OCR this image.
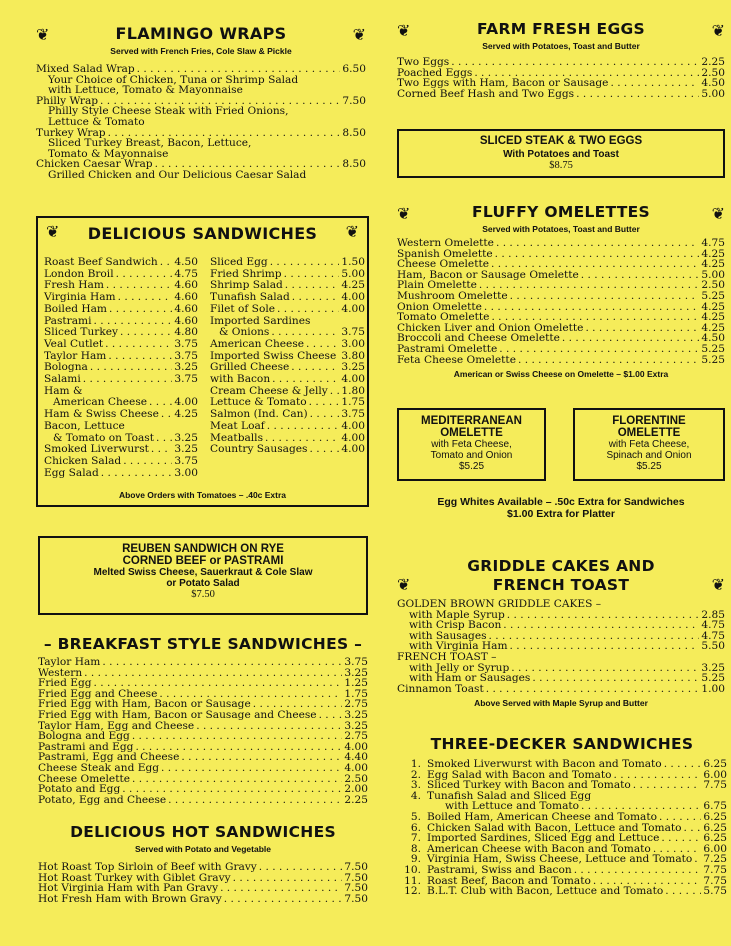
❦	❦
FLAMINGO WRAPS
Served with French Fries, Cole Slaw & Pickle
Mixed Salad Wrap . . .	6.50
Your Choice of Chicken, Tuna or Shrimp Salad
with Lettuce, Tomato & Mayonnaise
Philly Wrap . . .	7.50
Philly Style Cheese Steak with Fried Onions,
Lettuce & Tomato
Turkey Wrap . . .	8.50
Sliced Turkey Breast, Bacon, Lettuce,
Tomato & Mayonnaise
Chicken Caesar Wrap . . .	8.50
Grilled Chicken and Our Delicious Caesar Salad
❦	❦
DELICIOUS SANDWICHES
Roast Beef Sandwich . . . 4.50
London Broil . . .	4.75
Fresh Ham . . .	4.60
Virginia Ham . . .	4.60
Boiled Ham . . .	4.60
Pastrami . . .	4.60
Sliced Turkey . . .	4.80
Veal Cutlet . . .	3.75
Taylor Ham . . .	3.75
Bologna . . .	3.25
Salami . . .	3.75
Ham &
American Cheese . . .	4.00
Ham & Swiss Cheese . . . 4.25
Bacon, Lettuce
& Tomato on Toast . . . 3.25
Smoked Liverwurst . . . 3.25
Chicken Salad . . .	3.75
Egg Salad . . .	3.00
Sliced Egg . . .	1.50
Fried Shrimp . . .	5.00
Shrimp Salad . . .	4.25
Tunafish Salad . . .	4.00
Filet of Sole . . .	4.00
Imported Sardines
& Onions . . .	3.75
American Cheese . . .	3.00
Imported Swiss Cheese . . . 3.80
Grilled Cheese . . .	3.25
with Bacon . . .	4.00
Cream Cheese & Jelly . . . 1.80
Lettuce & Tomato . . .	1.75
Salmon (Ind. Can) . . .	3.75
Meat Loaf . . .	4.00
Meatballs . . .	4.00
Country Sausages . . .	4.00
Above Orders with Tomatoes – .40c Extra
REUBEN SANDWICH ON RYE
CORNED BEEF or PASTRAMI
Melted Swiss Cheese, Sauerkraut & Cole Slaw
or Potato Salad
$7.50
– BREAKFAST STYLE SANDWICHES –
Taylor Ham . . .	3.75
Western . . .	3.25
Fried Egg . . .	1.25
Fried Egg and Cheese . . .	1.75
Fried Egg with Ham, Bacon or Sausage . . .	2.75
Fried Egg with Ham, Bacon or Sausage and Cheese . . .	3.25
Taylor Ham, Egg and Cheese . . .	3.25
Bologna and Egg . . .	2.75
Pastrami and Egg . . .	4.00
Pastrami, Egg and Cheese . . .	4.40
Cheese Steak and Egg . . .	4.00
Cheese Omelette . . .	2.50
Potato and Egg . . .	2.00
Potato, Egg and Cheese . . .	2.25
DELICIOUS HOT SANDWICHES
Served with Potato and Vegetable
Hot Roast Top Sirloin of Beef with Gravy . . .	7.50
Hot Roast Turkey with Giblet Gravy . . .	7.50
Hot Virginia Ham with Pan Gravy . . .	7.50
Hot Fresh Ham with Brown Gravy . . .	7.50
❦	❦
FARM FRESH EGGS
Served with Potatoes, Toast and Butter
Two Eggs . . .	2.25
Poached Eggs . . .	2.50
Two Eggs with Ham, Bacon or Sausage . . .	4.50
Corned Beef Hash and Two Eggs . . .	5.00
SLICED STEAK & TWO EGGS
With Potatoes and Toast
$8.75
❦	❦
FLUFFY OMELETTES
Served with Potatoes, Toast and Butter
Western Omelette . . .	4.75
Spanish Omelette . . .	4.25
Cheese Omelette . . .	4.25
Ham, Bacon or Sausage Omelette . . .	5.00
Plain Omelette . . .	2.50
Mushroom Omelette . . .	5.25
Onion Omelette . . .	4.25
Tomato Omelette . . .	4.25
Chicken Liver and Onion Omelette . . .	4.25
Broccoli and Cheese Omelette . . .	4.50
Pastrami Omelette . . .	5.25
Feta Cheese Omelette . . .	5.25
American or Swiss Cheese on Omelette – $1.00 Extra
MEDITERRANEAN
OMELETTE
with Feta Cheese,
Tomato and Onion
$5.25
FLORENTINE
OMELETTE
with Feta Cheese,
Spinach and Onion
$5.25
Egg Whites Available – .50c Extra for Sandwiches
$1.00 Extra for Platter
❦	❦
GRIDDLE CAKES AND
FRENCH TOAST
GOLDEN BROWN GRIDDLE CAKES –
with Maple Syrup . . .	2.85
with Crisp Bacon . . .	4.75
with Sausages . . .	4.75
with Virginia Ham . . .	5.50
FRENCH TOAST –
with Jelly or Syrup . . .	3.25
with Ham or Sausages . . .	5.25
Cinnamon Toast . . .	1.00
Above Served with Maple Syrup and Butter
THREE-DECKER SANDWICHES
1. Smoked Liverwurst with Bacon and Tomato . . .	6.25
2. Egg Salad with Bacon and Tomato . . .	6.00
3. Sliced Turkey with Bacon and Tomato . . .	7.75
4. Tunafish Salad and Sliced Egg
with Lettuce and Tomato . . .	6.75
5. Boiled Ham, American Cheese and Tomato . . .	6.25
6. Chicken Salad with Bacon, Lettuce and Tomato . . . 6.25
7. Imported Sardines, Sliced Egg and Lettuce . . .	6.25
8. American Cheese with Bacon and Tomato . . .	6.00
9. Virginia Ham, Swiss Cheese, Lettuce and Tomato . . . 7.25
10. Pastrami, Swiss and Bacon . . .	7.75
11. Roast Beef, Bacon and Tomato . . .	7.75
12. B.L.T. Club with Bacon, Lettuce and Tomato . . .	5.75
